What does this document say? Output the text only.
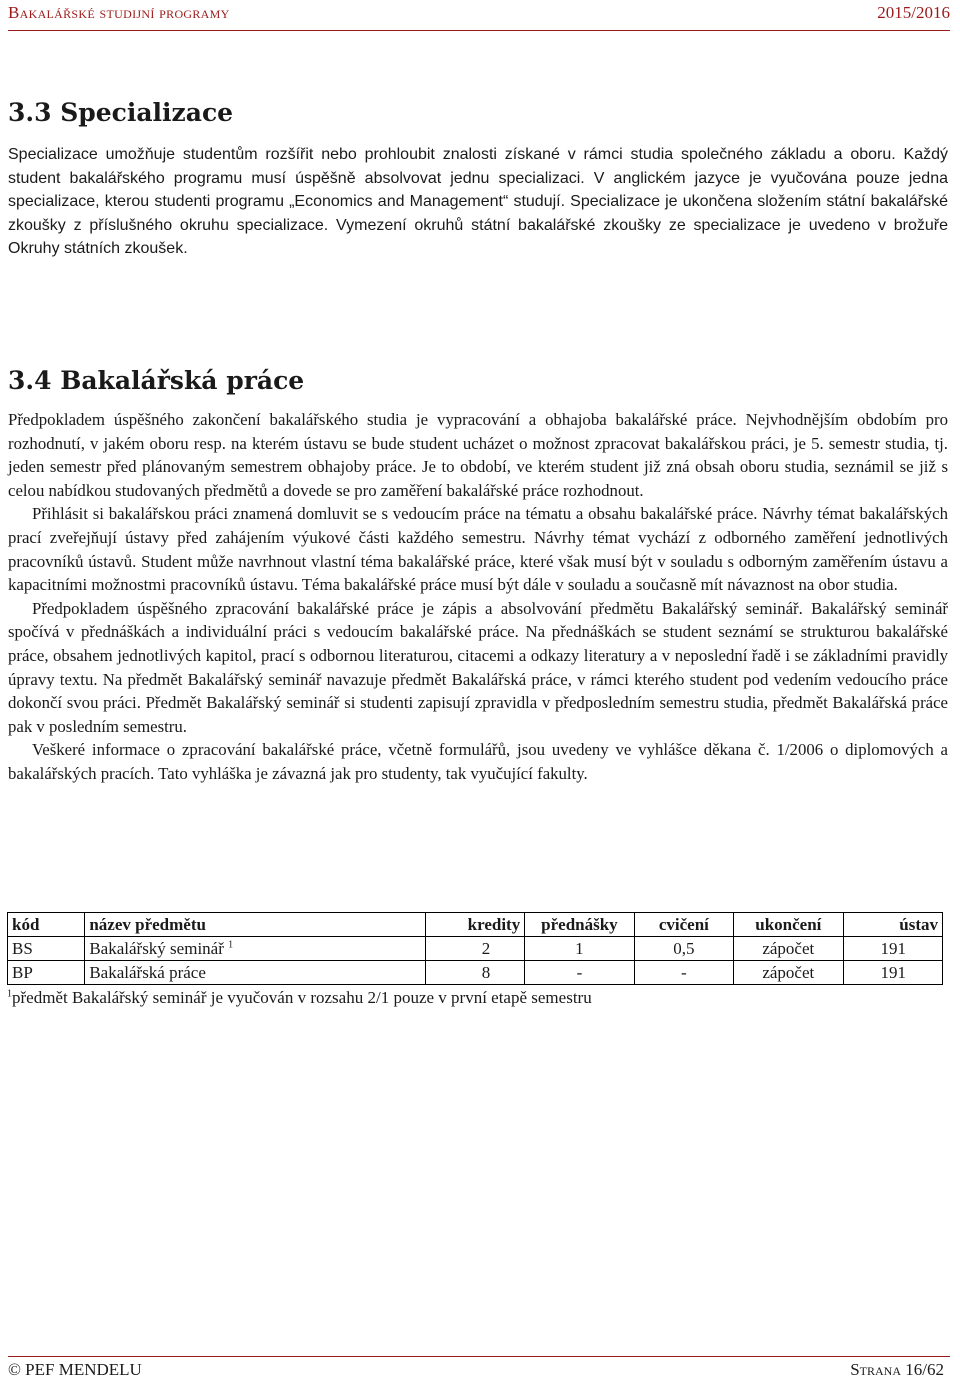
Bakalářské studijní programy	2015/2016
3.3 Specializace

Specializace umožňuje studentům rozšířit nebo prohloubit znalosti získané v rámci studia společného základu a oboru. Každý student bakalářského programu musí úspěšně absolvovat jednu specializaci. V anglickém jazyce je vyučována pouze jedna specializace, kterou studenti programu „Economics and Management“ studují. Specializace je ukončena složením státní bakalářské zkoušky z příslušného okruhu specializace. Vymezení okruhů státní bakalářské zkoušky ze specializace je uvedeno v brožuře Okruhy státních zkoušek.

3.4 Bakalářská práce

Předpokladem úspěšného zakončení bakalářského studia je vypracování a obhajoba bakalářské práce. Nejvhodnějším obdobím pro rozhodnutí, v jakém oboru resp. na kterém ústavu se bude student ucházet o možnost zpracovat bakalářskou práci, je 5. semestr studia, tj. jeden semestr před plánovaným semestrem obhajoby práce. Je to období, ve kterém student již zná obsah oboru studia, seznámil se již s celou nabídkou studovaných předmětů a dovede se pro zaměření bakalářské práce rozhodnout.

Přihlásit si bakalářskou práci znamená domluvit se s vedoucím práce na tématu a obsahu bakalářské práce. Návrhy témat bakalářských prací zveřejňují ústavy před zahájením výukové části každého semestru. Návrhy témat vychází z odborného zaměření jednotlivých pracovníků ústavů. Student může navrhnout vlastní téma bakalářské práce, které však musí být v souladu s odborným zaměřením ústavu a kapacitními možnostmi pracovníků ústavu. Téma bakalářské práce musí být dále v souladu a současně mít návaznost na obor studia.

Předpokladem úspěšného zpracování bakalářské práce je zápis a absolvování předmětu Bakalářský seminář. Bakalářský seminář spočívá v přednáškách a individuální práci s vedoucím bakalářské práce. Na přednáškách se student seznámí se strukturou bakalářské práce, obsahem jednotlivých kapitol, prací s odbornou literaturou, citacemi a odkazy literatury a v neposlední řadě i se základními pravidly úpravy textu. Na předmět Bakalářský seminář navazuje předmět Bakalářská práce, v rámci kterého student pod vedením vedoucího práce dokončí svou práci. Předmět Bakalářský seminář si studenti zapisují zpravidla v předposledním semestru studia, předmět Bakalářská práce pak v posledním semestru.

Veškeré informace o zpracování bakalářské práce, včetně formulářů, jsou uvedeny ve vyhlášce děkana č. 1/2006 o diplomových a bakalářských pracích. Tato vyhláška je závazná jak pro studenty, tak vyučující fakulty.

kód	název předmětu	kredity	přednášky	cvičení	ukončení	ústav
BS	Bakalářský seminář $^1$	2	1	0,5	zápočet	191
BP	Bakalářská práce	8	-	-	zápočet	191
$^1$předmět Bakalářský seminář je vyučován v rozsahu 2/1 pouze v první etapě semestru
© PEF MENDELU	Strana 16/62
